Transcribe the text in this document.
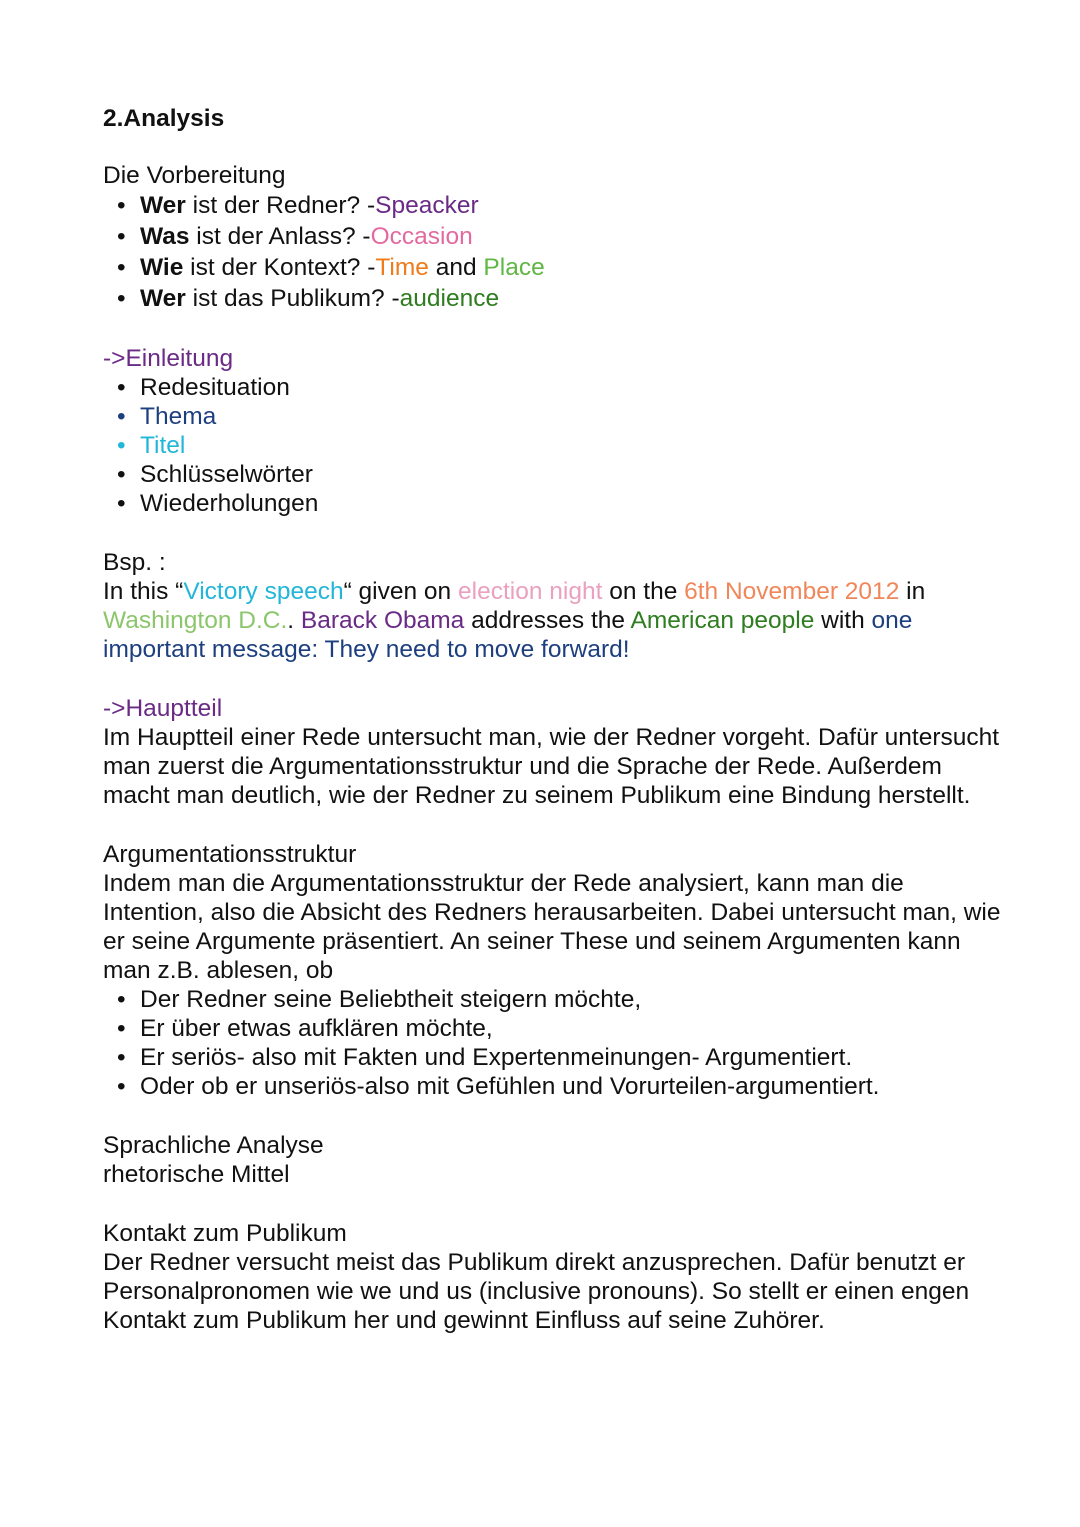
2.Analysis
Die Vorbereitung
• Wer ist der Redner? -Speacker
• Was ist der Anlass? -Occasion
• Wie ist der Kontext? -Time and Place
• Wer ist das Publikum? -audience
->Einleitung
• Redesituation
• Thema
• Titel
• Schlüsselwörter
• Wiederholungen
Bsp. :
In this “Victory speech“ given on election night on the 6th November 2012 in Washington D.C.. Barack Obama addresses the American people with one important message: They need to move forward!
->Hauptteil
Im Hauptteil einer Rede untersucht man, wie der Redner vorgeht. Dafür untersucht man zuerst die Argumentationsstruktur und die Sprache der Rede. Außerdem macht man deutlich, wie der Redner zu seinem Publikum eine Bindung herstellt.
Argumentationsstruktur
Indem man die Argumentationsstruktur der Rede analysiert, kann man die Intention, also die Absicht des Redners herausarbeiten. Dabei untersucht man, wie er seine Argumente präsentiert. An seiner These und seinem Argumenten kann man z.B. ablesen, ob
• Der Redner seine Beliebtheit steigern möchte,
• Er über etwas aufklären möchte,
• Er seriös- also mit Fakten und Expertenmeinungen- Argumentiert.
• Oder ob er unseriös-also mit Gefühlen und Vorurteilen-argumentiert.
Sprachliche Analyse
rhetorische Mittel
Kontakt zum Publikum
Der Redner versucht meist das Publikum direkt anzusprechen. Dafür benutzt er Personalpronomen wie we und us (inclusive pronouns). So stellt er einen engen Kontakt zum Publikum her und gewinnt Einfluss auf seine Zuhörer.
